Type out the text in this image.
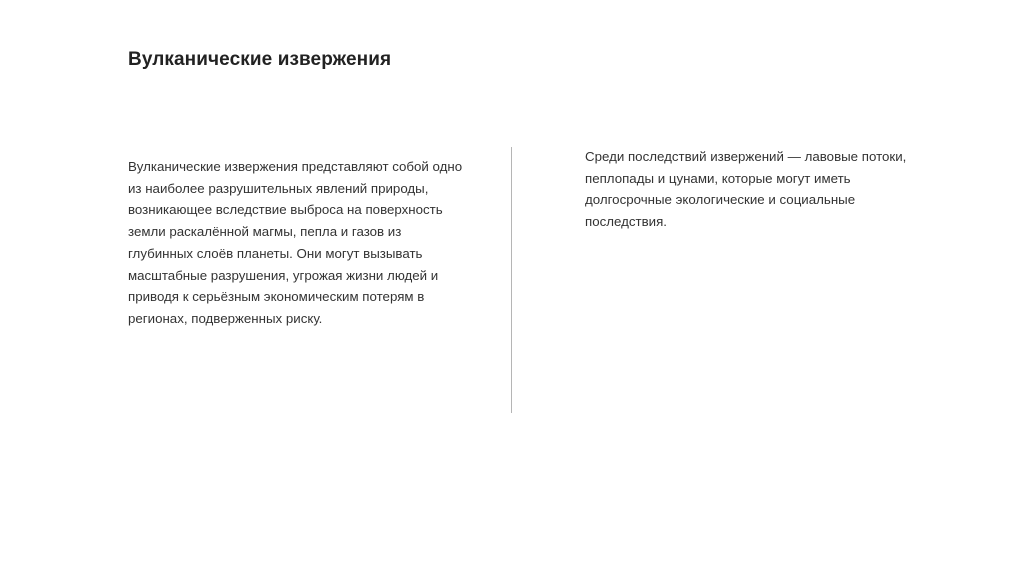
Вулканические извержения

Вулканические извержения представляют собой одно из наиболее разрушительных явлений природы, возникающее вследствие выброса на поверхность земли раскалённой магмы, пепла и газов из глубинных слоёв планеты. Они могут вызывать масштабные разрушения, угрожая жизни людей и приводя к серьёзным экономическим потерям в регионах, подверженных риску.

Среди последствий извержений — лавовые потоки, пеплопады и цунами, которые могут иметь долгосрочные экологические и социальные последствия.
